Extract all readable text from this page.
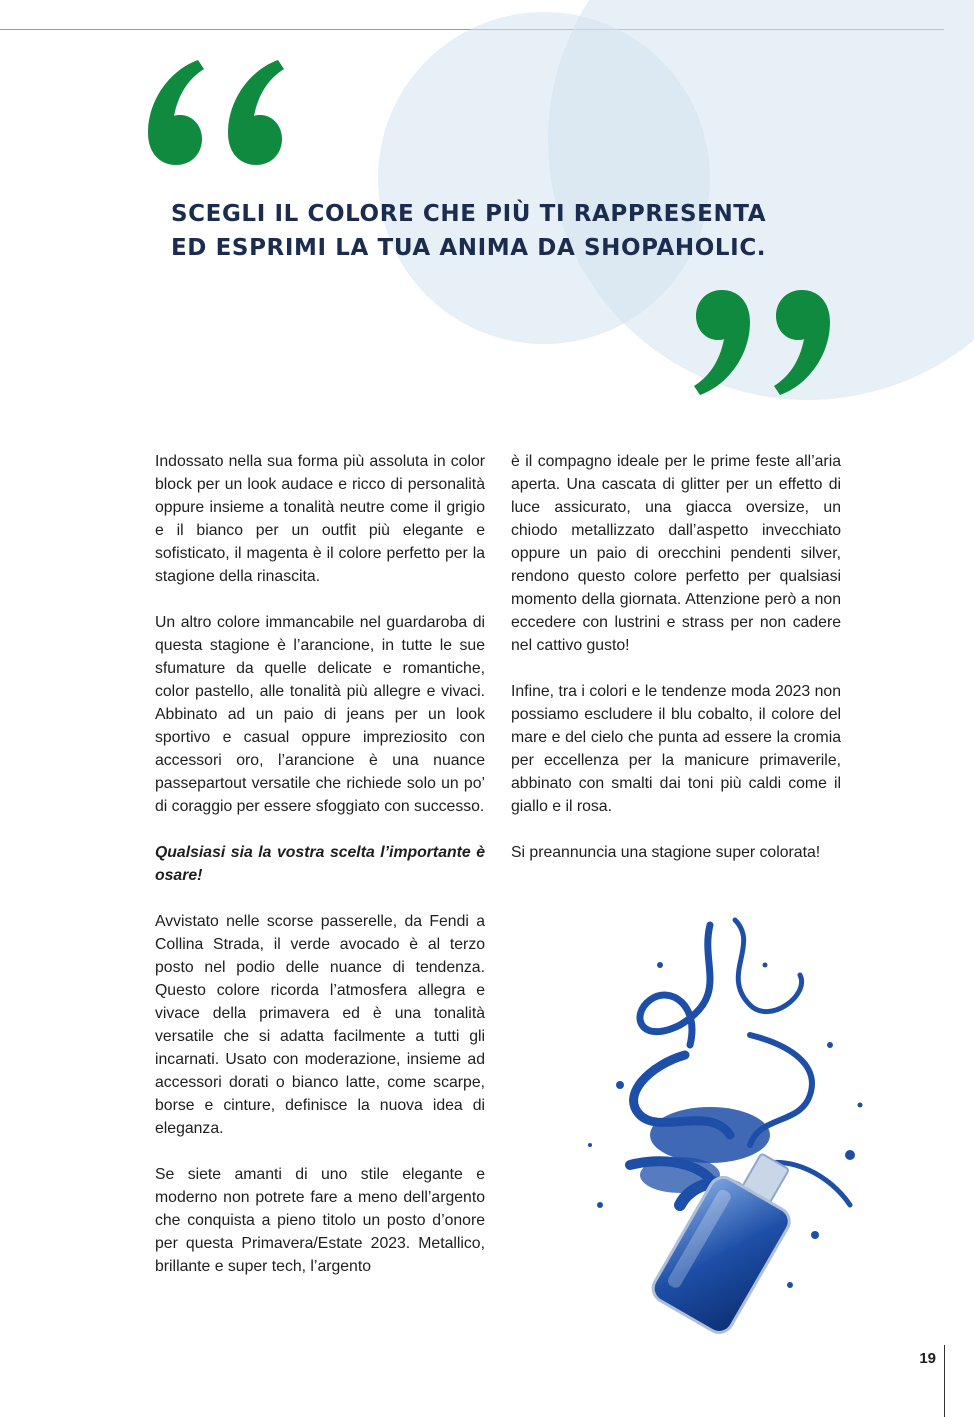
SCEGLI IL COLORE CHE PIÙ TI RAPPRESENTA
ED ESPRIMI LA TUA ANIMA DA SHOPAHOLIC.

Indossato nella sua forma più assoluta in color block per un look audace e ricco di personalità oppure insieme a tonalità neutre come il grigio e il bianco per un outfit più elegante e sofisticato, il magenta è il colore perfetto per la stagione della rinascita.

Un altro colore immancabile nel guardaroba di questa stagione è l’arancione, in tutte le sue sfumature da quelle delicate e romantiche, color pastello, alle tonalità più allegre e vivaci. Abbinato ad un paio di jeans per un look sportivo e casual oppure impreziosito con accessori oro, l’arancione è una nuance passepartout versatile che richiede solo un po’ di coraggio per essere sfoggiato con successo.

Qualsiasi sia la vostra scelta l’importante è osare!

Avvistato nelle scorse passerelle, da Fendi a Collina Strada, il verde avocado è al terzo posto nel podio delle nuance di tendenza. Questo colore ricorda l’atmosfera allegra e vivace della primavera ed è una tonalità versatile che si adatta facilmente a tutti gli incarnati. Usato con moderazione, insieme ad accessori dorati o bianco latte, come scarpe, borse e cinture, definisce la nuova idea di eleganza.

Se siete amanti di uno stile elegante e moderno non potrete fare a meno dell’argento che conquista a pieno titolo un posto d’onore per questa Primavera/Estate 2023. Metallico, brillante e super tech, l’argento

è il compagno ideale per le prime feste all’aria aperta. Una cascata di glitter per un effetto di luce assicurato, una giacca oversize, un chiodo metallizzato dall’aspetto invecchiato oppure un paio di orecchini pendenti silver, rendono questo colore perfetto per qualsiasi momento della giornata. Attenzione però a non eccedere con lustrini e strass per non cadere nel cattivo gusto!

Infine, tra i colori e le tendenze moda 2023 non possiamo escludere il blu cobalto, il colore del mare e del cielo che punta ad essere la cromia per eccellenza per la manicure primaverile, abbinato con smalti dai toni più caldi come il giallo e il rosa.

Si preannuncia una stagione super colorata!

19
